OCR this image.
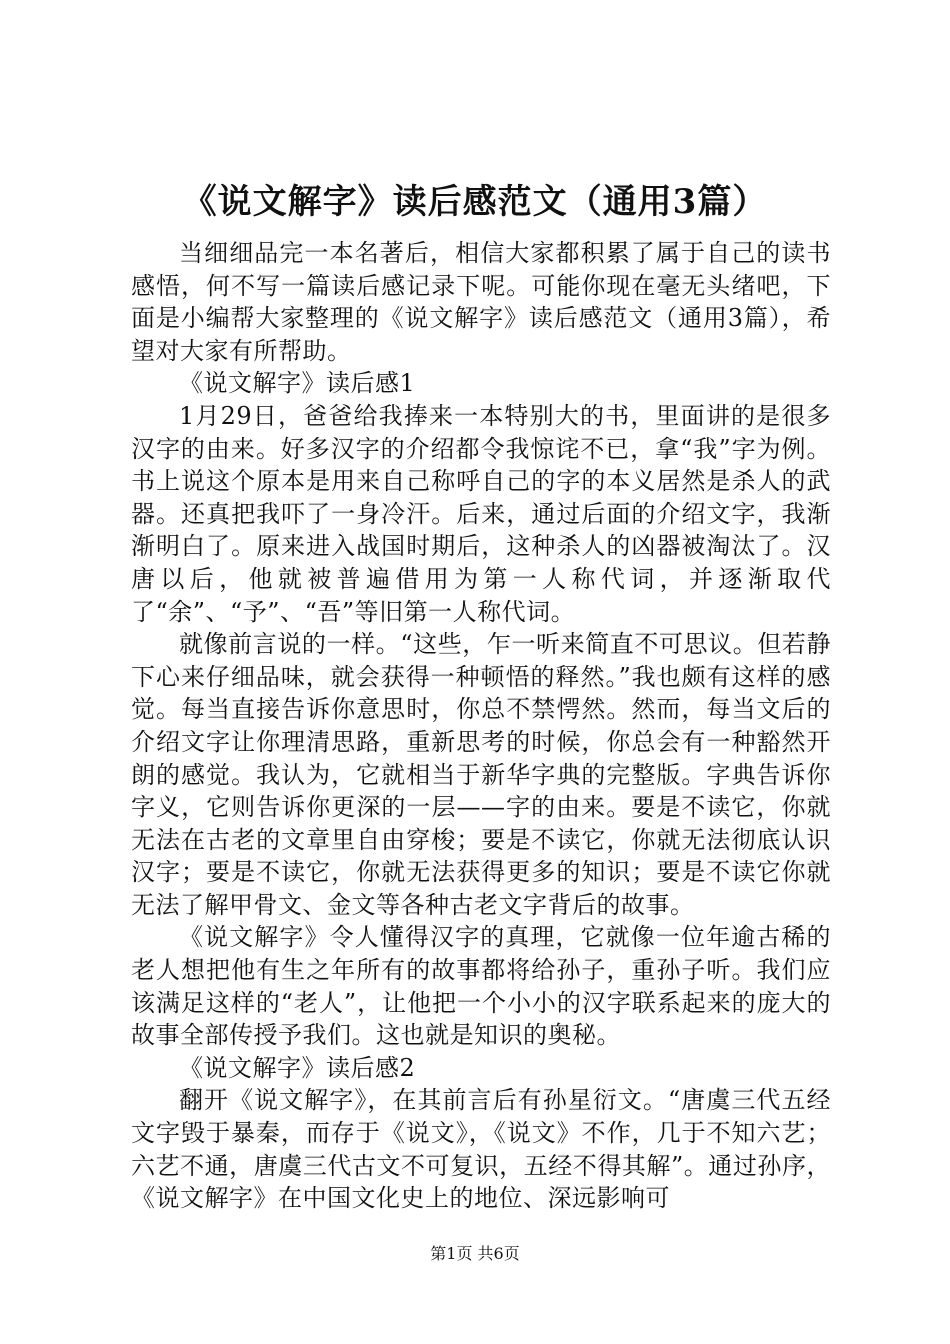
《说文解字》读后感范文（通用3篇）

当细细品完一本名著后，相信大家都积累了属于自己的读书感悟，何不写一篇读后感记录下呢。可能你现在毫无头绪吧，下面是小编帮大家整理的《说文解字》读后感范文（通用3篇），希望对大家有所帮助。

《说文解字》读后感1

1月29日，爸爸给我捧来一本特别大的书，里面讲的是很多汉字的由来。好多汉字的介绍都令我惊诧不已，拿“我”字为例。书上说这个原本是用来自己称呼自己的字的本义居然是杀人的武器。还真把我吓了一身冷汗。后来，通过后面的介绍文字，我渐渐明白了。原来进入战国时期后，这种杀人的凶器被淘汰了。汉唐以后，他就被普遍借用为第一人称代词，并逐渐取代了“余”、“予”、“吾”等旧第一人称代词。

就像前言说的一样。“这些，乍一听来简直不可思议。但若静下心来仔细品味，就会获得一种顿悟的释然。”我也颇有这样的感觉。每当直接告诉你意思时，你总不禁愕然。然而，每当文后的介绍文字让你理清思路，重新思考的时候，你总会有一种豁然开朗的感觉。我认为，它就相当于新华字典的完整版。字典告诉你字义，它则告诉你更深的一层——字的由来。要是不读它，你就无法在古老的文章里自由穿梭；要是不读它，你就无法彻底认识汉字；要是不读它，你就无法获得更多的知识；要是不读它你就无法了解甲骨文、金文等各种古老文字背后的故事。

《说文解字》令人懂得汉字的真理，它就像一位年逾古稀的老人想把他有生之年所有的故事都将给孙子，重孙子听。我们应该满足这样的“老人”，让他把一个小小的汉字联系起来的庞大的故事全部传授予我们。这也就是知识的奥秘。

《说文解字》读后感2

翻开《说文解字》，在其前言后有孙星衍文。“唐虞三代五经文字毁于暴秦，而存于《说文》，《说文》不作，几于不知六艺；六艺不通，唐虞三代古文不可复识，五经不得其解”。通过孙序，《说文解字》在中国文化史上的地位、深远影响可

第1页 共6页
